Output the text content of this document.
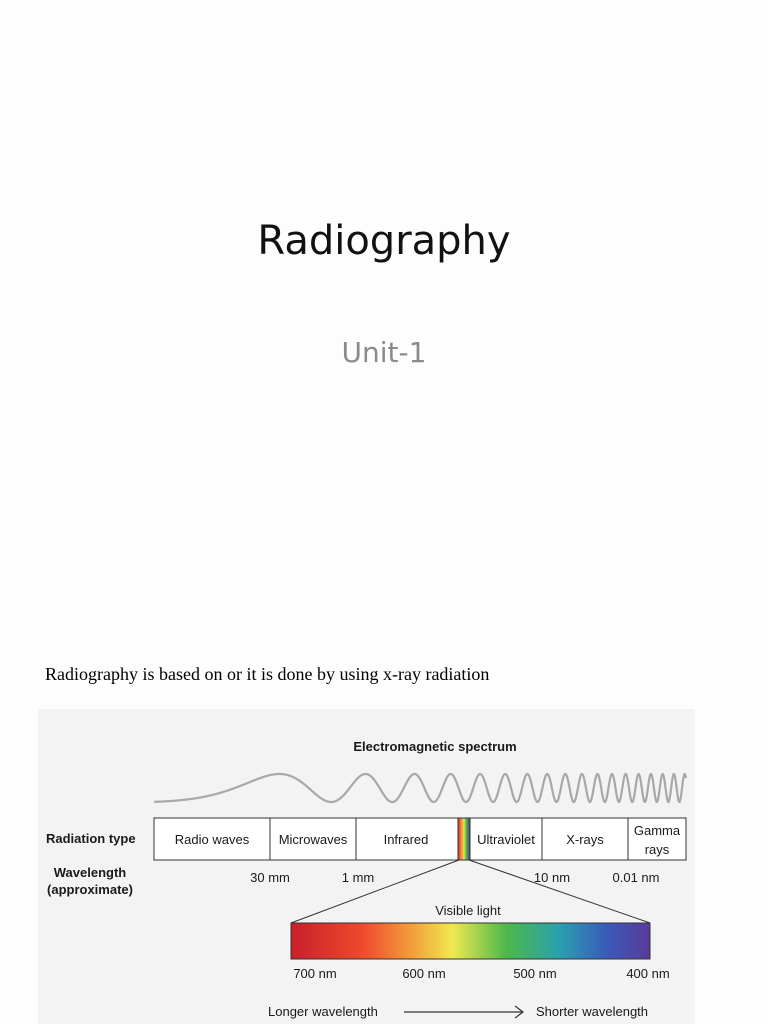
Radiography
Unit-1
Radiography is based on or it is done by using x-ray radiation
Electromagnetic spectrum
Radiation type	Radio waves Microwaves	Infrared	Ultraviolet X-rays
Gamma
rays
Wavelength
(approximate)
30 mm	1 mm	10 nm	0.01 nm
Visible light
700 nm	600 nm	500 nm	400 nm
Longer wavelength	Shorter wavelength
